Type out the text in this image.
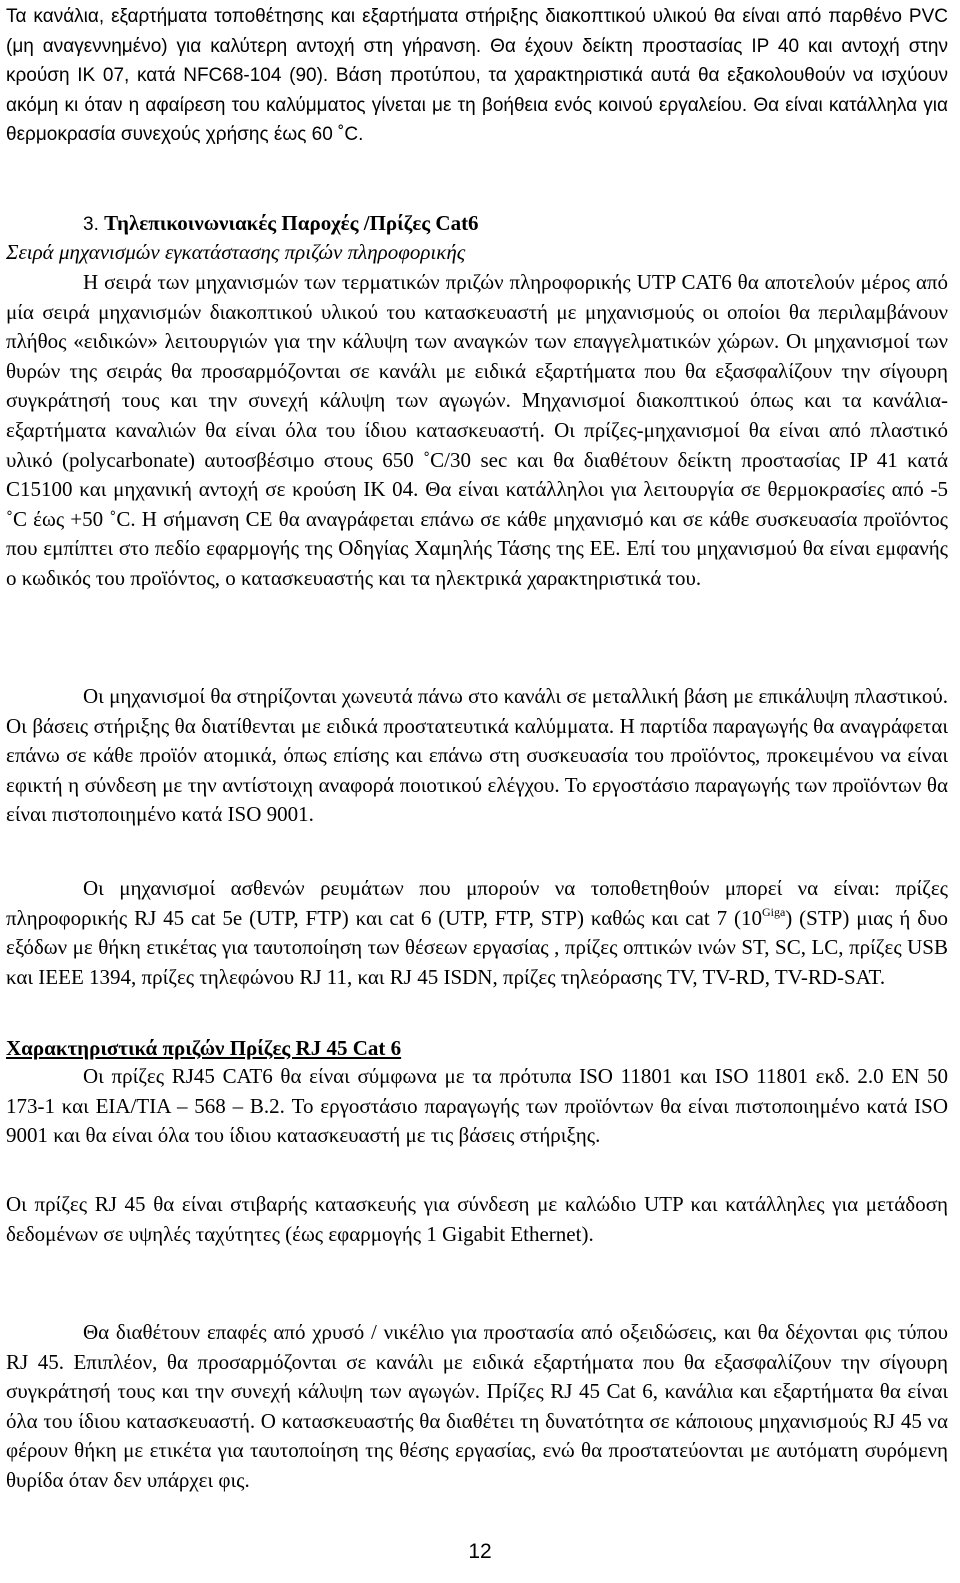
Τα κανάλια, εξαρτήματα τοποθέτησης και εξαρτήματα στήριξης διακοπτικού υλικού θα είναι από παρθένο PVC (μη αναγεννημένο) για καλύτερη αντοχή στη γήρανση. Θα έχουν δείκτη προστασίας IP 40 και αντοχή στην κρούση IK 07, κατά NFC68-104 (90). Βάση προτύπου, τα χαρακτηριστικά αυτά θα εξακολουθούν να ισχύουν ακόμη κι όταν η αφαίρεση του καλύμματος γίνεται με τη βοήθεια ενός κοινού εργαλείου. Θα είναι κατάλληλα για θερμοκρασία συνεχούς χρήσης έως 60 ˚C.
3. Τηλεπικοινωνιακές Παροχές /Πρίζες Cat6
Σειρά μηχανισμών εγκατάστασης πριζών πληροφορικής
Η σειρά των μηχανισμών των τερματικών πριζών πληροφορικής UTP CAT6 θα αποτελούν μέρος από μία σειρά μηχανισμών διακοπτικού υλικού του κατασκευαστή με μηχανισμούς οι οποίοι θα περιλαμβάνουν πλήθος «ειδικών» λειτουργιών για την κάλυψη των αναγκών των επαγγελματικών χώρων. Οι μηχανισμοί των θυρών της σειράς θα προσαρμόζονται σε κανάλι με ειδικά εξαρτήματα που θα εξασφαλίζουν την σίγουρη συγκράτησή τους και την συνεχή κάλυψη των αγωγών. Μηχανισμοί διακοπτικού όπως και τα κανάλια- εξαρτήματα καναλιών θα είναι όλα του ίδιου κατασκευαστή. Οι πρίζες-μηχανισμοί θα είναι από πλαστικό υλικό (polycarbonate) αυτοσβέσιμο στους 650 ˚C/30 sec και θα διαθέτουν δείκτη προστασίας IP 41 κατά C15100 και μηχανική αντοχή σε κρούση IK 04. Θα είναι κατάλληλοι για λειτουργία σε θερμοκρασίες από -5 ˚C έως +50 ˚C. Η σήμανση CE θα αναγράφεται επάνω σε κάθε μηχανισμό και σε κάθε συσκευασία προϊόντος που εμπίπτει στο πεδίο εφαρμογής της Οδηγίας Χαμηλής Τάσης της ΕΕ. Επί του μηχανισμού θα είναι εμφανής ο κωδικός του προϊόντος, ο κατασκευαστής και τα ηλεκτρικά χαρακτηριστικά του.
Οι μηχανισμοί θα στηρίζονται χωνευτά πάνω στο κανάλι σε μεταλλική βάση με επικάλυψη πλαστικού. Οι βάσεις στήριξης θα διατίθενται με ειδικά προστατευτικά καλύμματα. Η παρτίδα παραγωγής θα αναγράφεται επάνω σε κάθε προϊόν ατομικά, όπως επίσης και επάνω στη συσκευασία του προϊόντος, προκειμένου να είναι εφικτή η σύνδεση με την αντίστοιχη αναφορά ποιοτικού ελέγχου. Το εργοστάσιο παραγωγής των προϊόντων θα είναι πιστοποιημένο κατά ISO 9001.
Οι μηχανισμοί ασθενών ρευμάτων που μπορούν να τοποθετηθούν μπορεί να είναι: πρίζες πληροφορικής RJ 45 cat 5e (UTP, FTP) και cat 6 (UTP, FTP, STP) καθώς και cat 7 $(10^{Giga})$ (STP) μιας ή δυο εξόδων με θήκη ετικέτας για ταυτοποίηση των θέσεων εργασίας , πρίζες οπτικών ινών ST, SC, LC, πρίζες USB και IEEE 1394, πρίζες τηλεφώνου RJ 11, και RJ 45 ISDN, πρίζες τηλεόρασης TV, TV-RD, TV-RD-SAT.
Χαρακτηριστικά πριζών Πρίζες RJ 45 Cat 6
Οι πρίζες RJ45 CAT6 θα είναι σύμφωνα με τα πρότυπα ISO 11801 και ISO 11801 εκδ. 2.0 EN 50 173-1 και EIA/TIA – 568 – B.2. Το εργοστάσιο παραγωγής των προϊόντων θα είναι πιστοποιημένο κατά ISO 9001 και θα είναι όλα του ίδιου κατασκευαστή με τις βάσεις στήριξης.
Οι πρίζες RJ 45 θα είναι στιβαρής κατασκευής για σύνδεση με καλώδιο UTP και κατάλληλες για μετάδοση δεδομένων σε υψηλές ταχύτητες (έως εφαρμογής 1 Gigabit Ethernet).
Θα διαθέτουν επαφές από χρυσό / νικέλιο για προστασία από οξειδώσεις, και θα δέχονται φις τύπου RJ 45. Επιπλέον, θα προσαρμόζονται σε κανάλι με ειδικά εξαρτήματα που θα εξασφαλίζουν την σίγουρη συγκράτησή τους και την συνεχή κάλυψη των αγωγών. Πρίζες RJ 45 Cat 6, κανάλια και εξαρτήματα θα είναι όλα του ίδιου κατασκευαστή. Ο κατασκευαστής θα διαθέτει τη δυνατότητα σε κάποιους μηχανισμούς RJ 45 να φέρουν θήκη με ετικέτα για ταυτοποίηση της θέσης εργασίας, ενώ θα προστατεύονται με αυτόματη συρόμενη θυρίδα όταν δεν υπάρχει φις.
12
